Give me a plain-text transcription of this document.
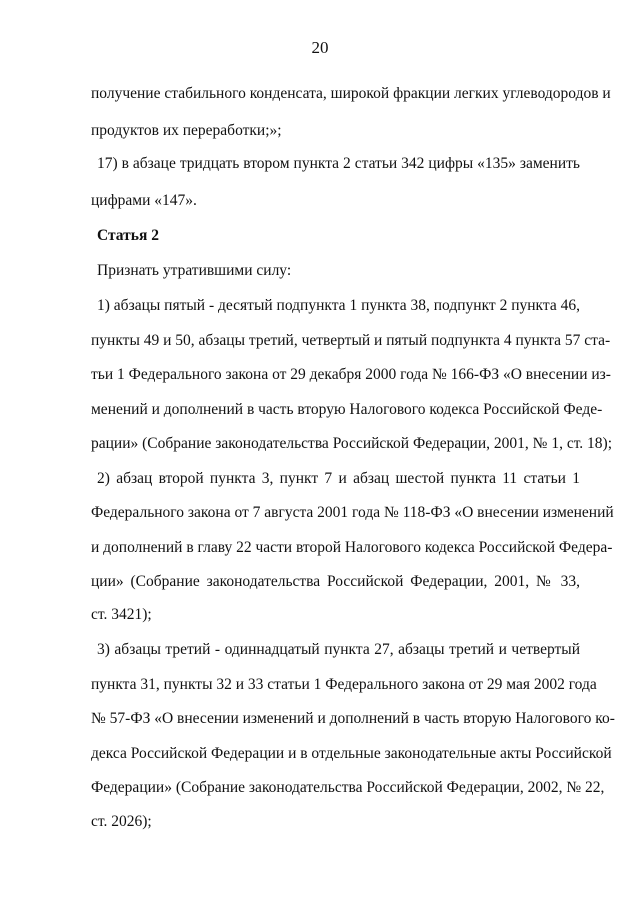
20
получение стабильного конденсата, широкой фракции легких углеводородов и
продуктов их переработки;»;
17) в абзаце тридцать втором пункта 2 статьи 342 цифры «135» заменить
цифрами «147».
Статья 2
Признать утратившими силу:
1) абзацы пятый - десятый подпункта 1 пункта 38, подпункт 2 пункта 46,
пункты 49 и 50, абзацы третий, четвертый и пятый подпункта 4 пункта 57 ста-
тьи 1 Федерального закона от 29 декабря 2000 года № 166-ФЗ «О внесении из-
менений и дополнений в часть вторую Налогового кодекса Российской Феде-
рации» (Собрание законодательства Российской Федерации, 2001, № 1, ст. 18);
2) абзац второй пункта 3, пункт 7 и абзац шестой пункта 11 статьи 1
Федерального закона от 7 августа 2001 года № 118-ФЗ «О внесении изменений
и дополнений в главу 22 части второй Налогового кодекса Российской Федера-
ции» (Собрание законодательства Российской Федерации, 2001, № 33,
ст. 3421);
3) абзацы третий - одиннадцатый пункта 27, абзацы третий и четвертый
пункта 31, пункты 32 и 33 статьи 1 Федерального закона от 29 мая 2002 года
№ 57-ФЗ «О внесении изменений и дополнений в часть вторую Налогового ко-
декса Российской Федерации и в отдельные законодательные акты Российской
Федерации» (Собрание законодательства Российской Федерации, 2002, № 22,
ст. 2026);
